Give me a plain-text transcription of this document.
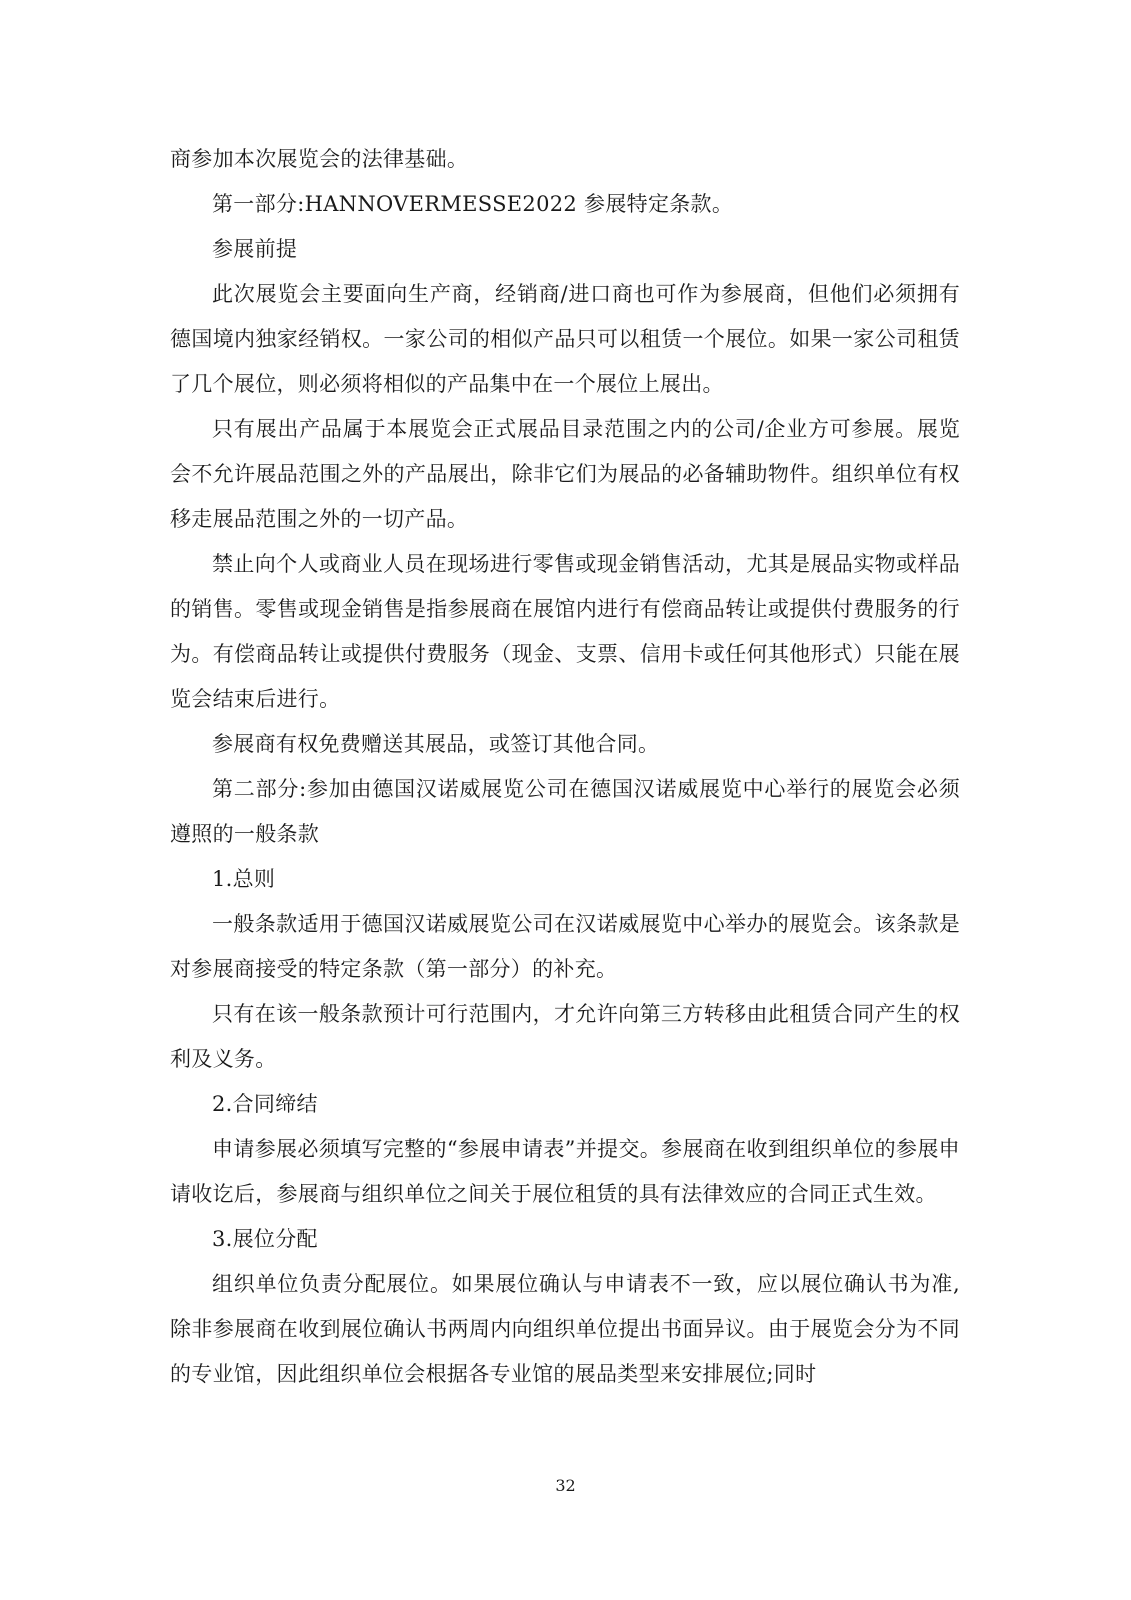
商参加本次展览会的法律基础。

第一部分:HANNOVERMESSE2022 参展特定条款。

参展前提

此次展览会主要面向生产商，经销商/进口商也可作为参展商，但他们必须拥有德国境内独家经销权。一家公司的相似产品只可以租赁一个展位。如果一家公司租赁了几个展位，则必须将相似的产品集中在一个展位上展出。

只有展出产品属于本展览会正式展品目录范围之内的公司/企业方可参展。展览会不允许展品范围之外的产品展出，除非它们为展品的必备辅助物件。组织单位有权移走展品范围之外的一切产品。

禁止向个人或商业人员在现场进行零售或现金销售活动，尤其是展品实物或样品的销售。零售或现金销售是指参展商在展馆内进行有偿商品转让或提供付费服务的行为。有偿商品转让或提供付费服务（现金、支票、信用卡或任何其他形式）只能在展览会结束后进行。

参展商有权免费赠送其展品，或签订其他合同。

第二部分:参加由德国汉诺威展览公司在德国汉诺威展览中心举行的展览会必须遵照的一般条款

1.总则

一般条款适用于德国汉诺威展览公司在汉诺威展览中心举办的展览会。该条款是对参展商接受的特定条款（第一部分）的补充。

只有在该一般条款预计可行范围内，才允许向第三方转移由此租赁合同产生的权利及义务。

2.合同缔结

申请参展必须填写完整的“参展申请表”并提交。参展商在收到组织单位的参展申请收讫后，参展商与组织单位之间关于展位租赁的具有法律效应的合同正式生效。

3.展位分配

组织单位负责分配展位。如果展位确认与申请表不一致，应以展位确认书为准,除非参展商在收到展位确认书两周内向组织单位提出书面异议。由于展览会分为不同的专业馆，因此组织单位会根据各专业馆的展品类型来安排展位;同时

32
